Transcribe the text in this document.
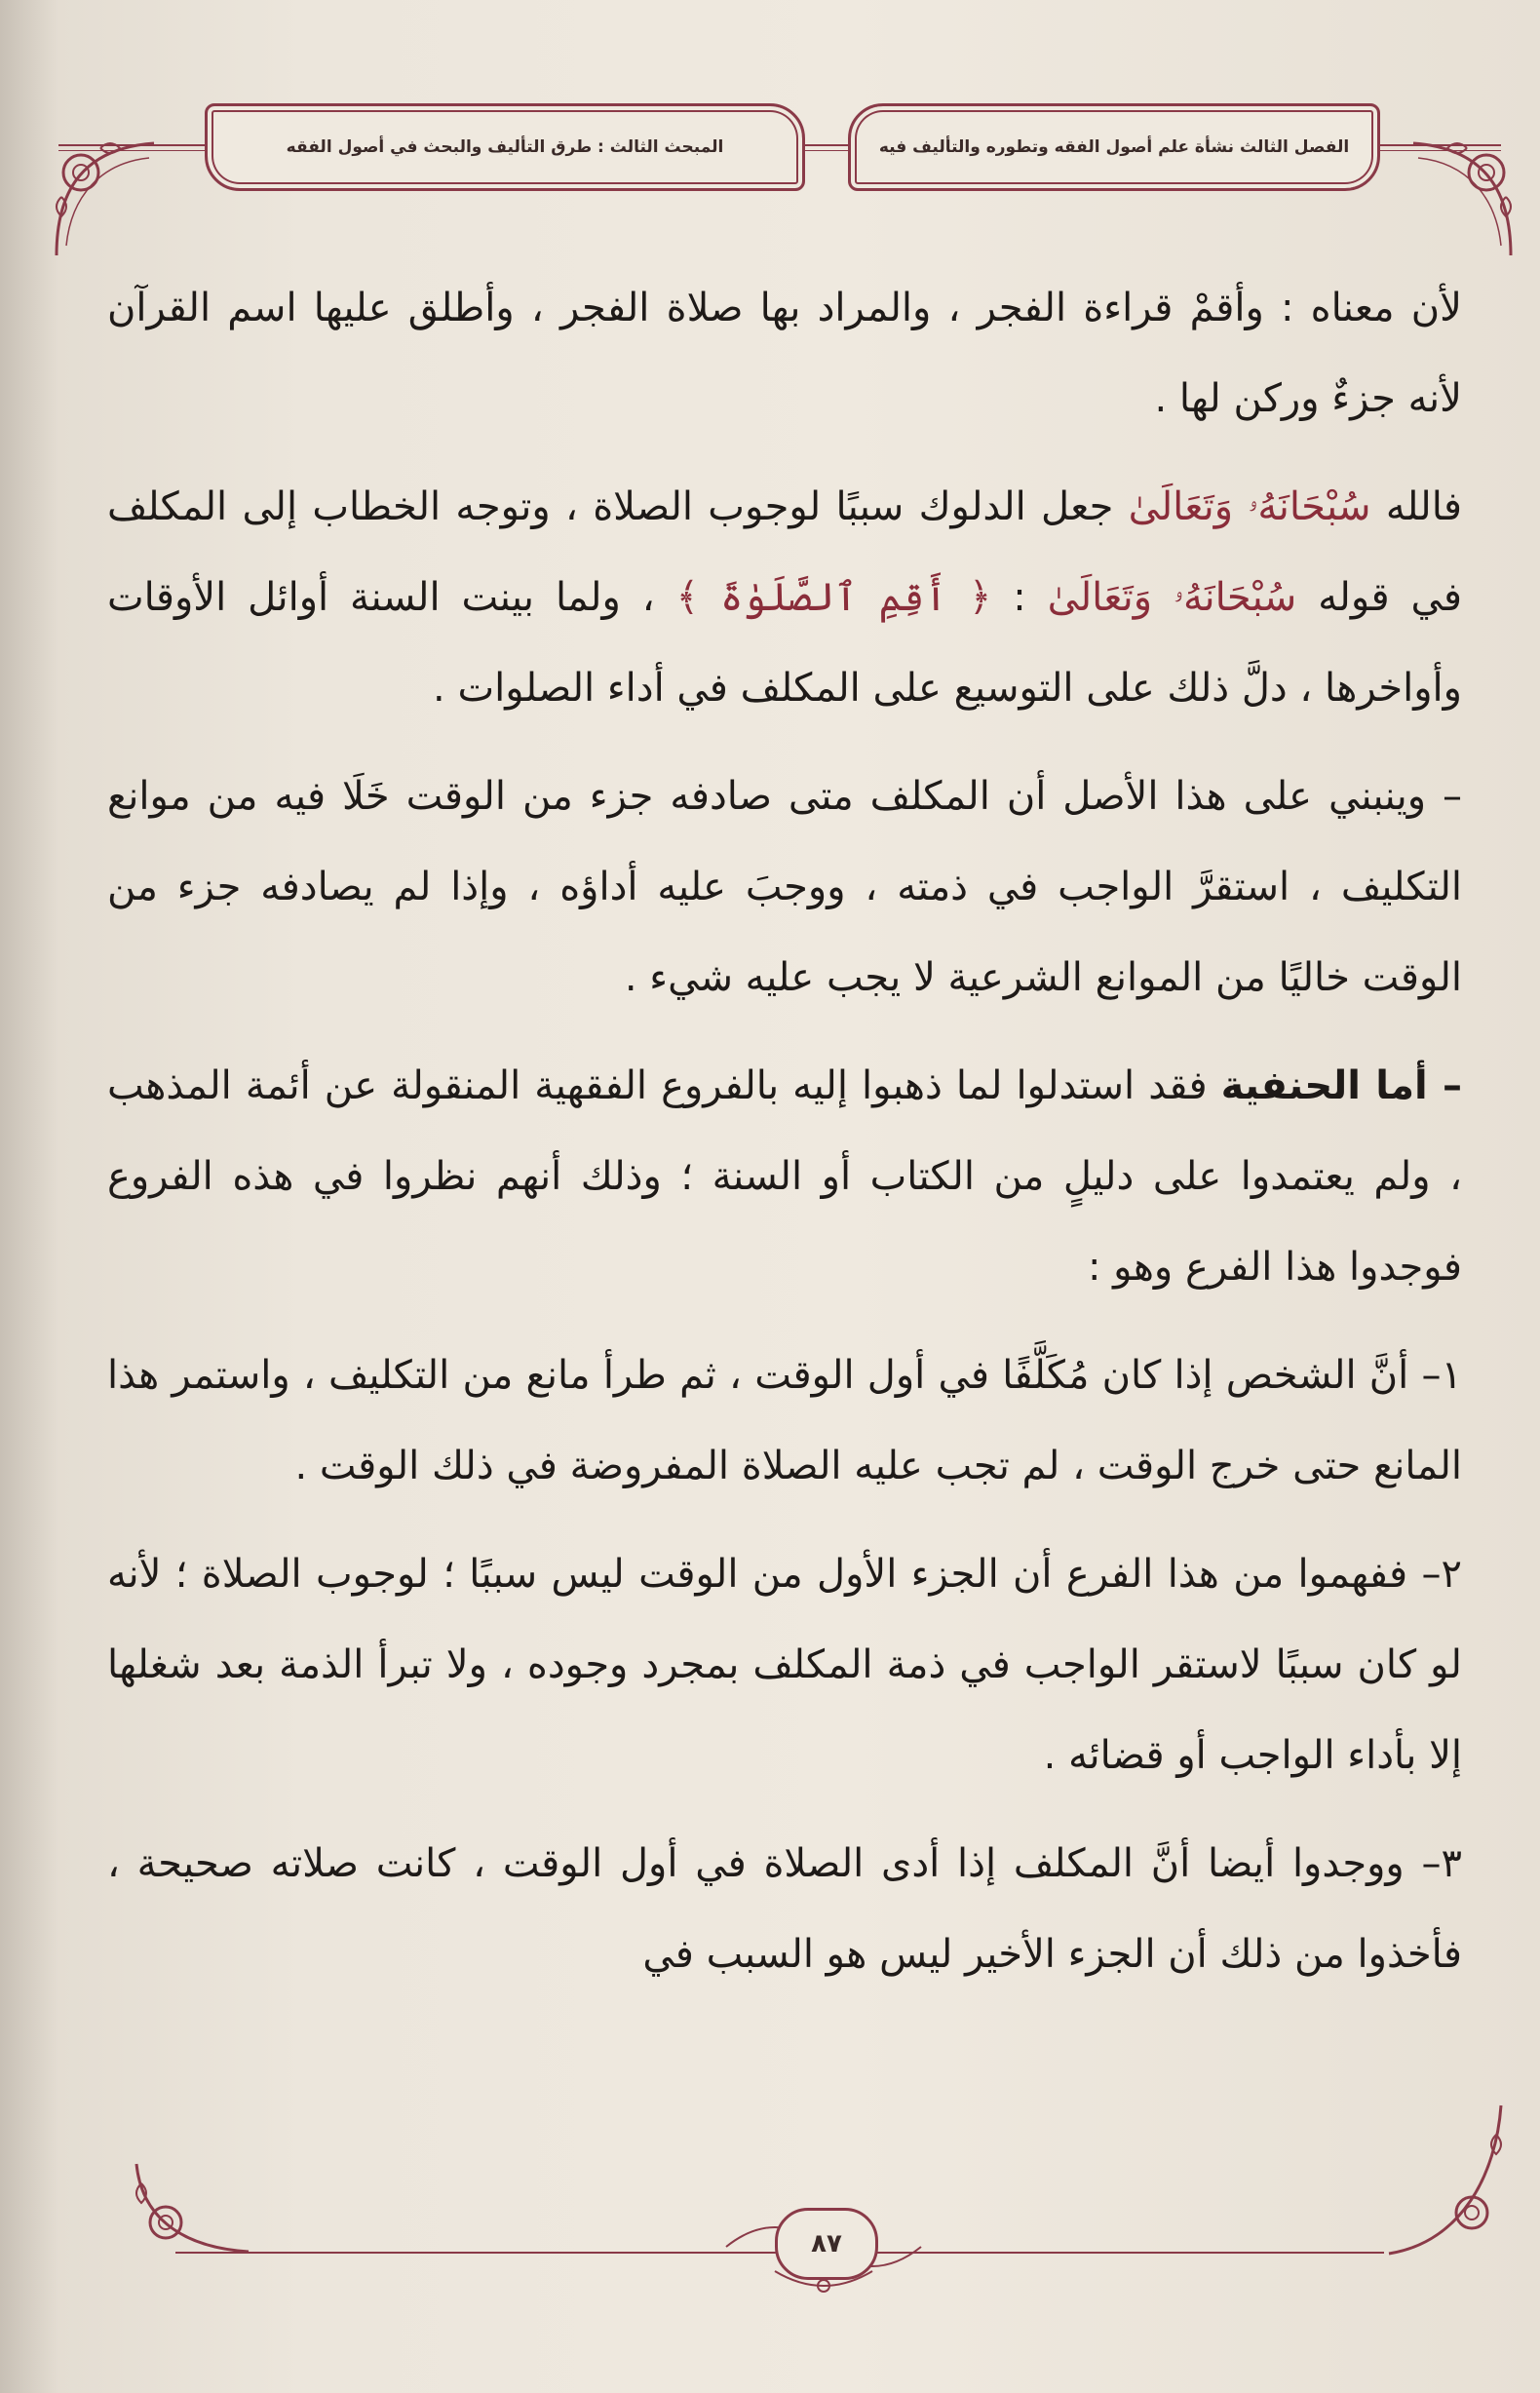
الفصل الثالث نشأة علم أصول الفقه وتطوره والتأليف فيه
المبحث الثالث : طرق التأليف والبحث في أصول الفقه

لأن معناه : وأقمْ قراءة الفجر ، والمراد بها صلاة الفجر ، وأطلق عليها اسم القرآن لأنه جزءٌ وركن لها .

فالله سُبْحَانَهُۥ وَتَعَالَىٰ جعل الدلوك سببًا لوجوب الصلاة ، وتوجه الخطاب إلى المكلف في قوله سُبْحَانَهُۥ وَتَعَالَىٰ : ﴿ أَقِمِ ٱلصَّلَوٰةَ ﴾ ، ولما بينت السنة أوائل الأوقات وأواخرها ، دلَّ ذلك على التوسيع على المكلف في أداء الصلوات .

– وينبني على هذا الأصل أن المكلف متى صادفه جزء من الوقت خَلَا فيه من موانع التكليف ، استقرَّ الواجب في ذمته ، ووجبَ عليه أداؤه ، وإذا لم يصادفه جزء من الوقت خاليًا من الموانع الشرعية لا يجب عليه شيء .

– أما الحنفية فقد استدلوا لما ذهبوا إليه بالفروع الفقهية المنقولة عن أئمة المذهب ، ولم يعتمدوا على دليلٍ من الكتاب أو السنة ؛ وذلك أنهم نظروا في هذه الفروع فوجدوا هذا الفرع وهو :

١– أنَّ الشخص إذا كان مُكَلَّفًا في أول الوقت ، ثم طرأ مانع من التكليف ، واستمر هذا المانع حتى خرج الوقت ، لم تجب عليه الصلاة المفروضة في ذلك الوقت .

٢– ففهموا من هذا الفرع أن الجزء الأول من الوقت ليس سببًا ؛ لوجوب الصلاة ؛ لأنه لو كان سببًا لاستقر الواجب في ذمة المكلف بمجرد وجوده ، ولا تبرأ الذمة بعد شغلها إلا بأداء الواجب أو قضائه .

٣– ووجدوا أيضا أنَّ المكلف إذا أدى الصلاة في أول الوقت ، كانت صلاته صحيحة ، فأخذوا من ذلك أن الجزء الأخير ليس هو السبب في

٨٧
